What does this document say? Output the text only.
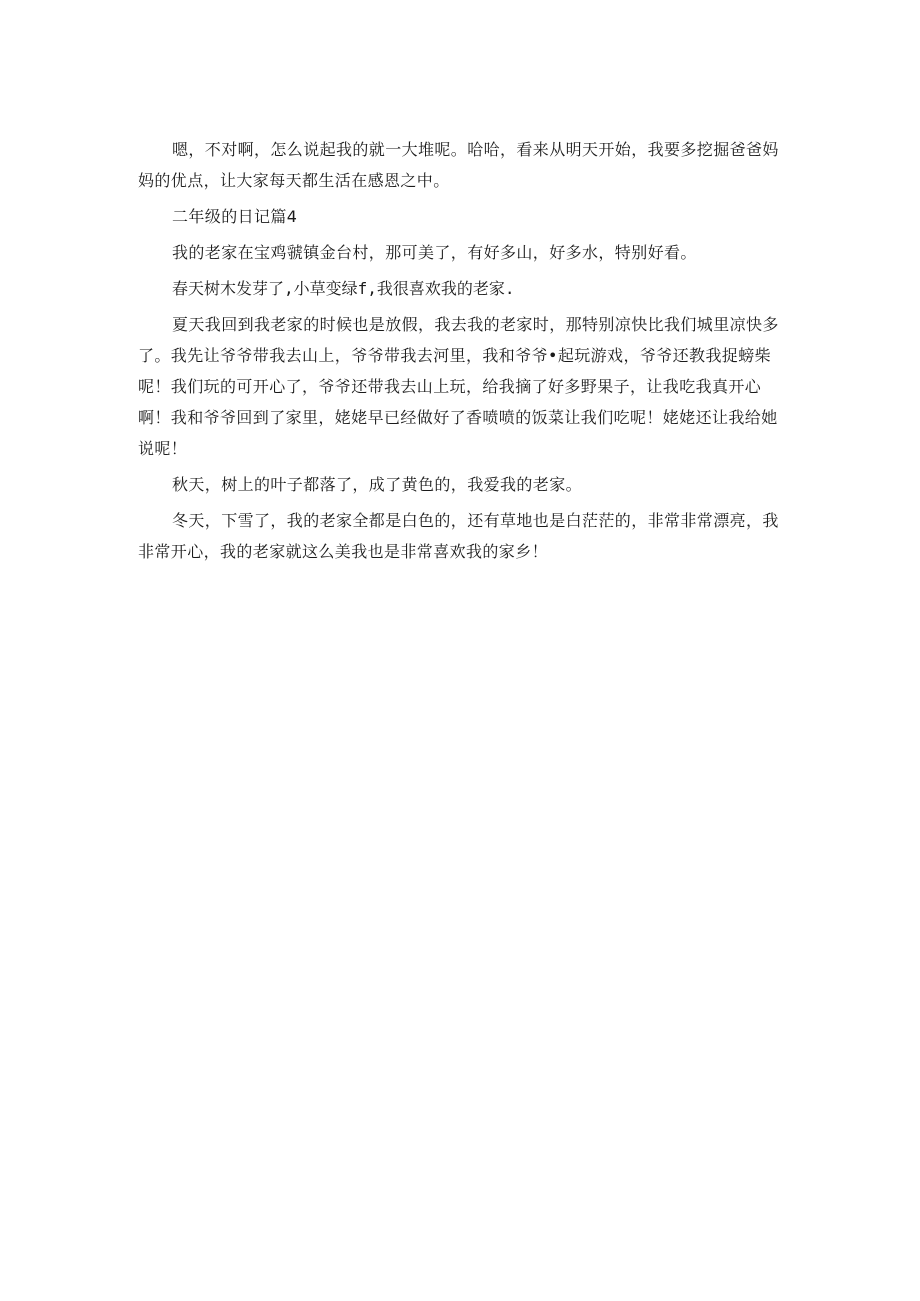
嗯，不对啊，怎么说起我的就一大堆呢。哈哈，看来从明天开始，我要多挖掘爸爸妈妈的优点，让大家每天都生活在感恩之中。

二年级的日记篇4

我的老家在宝鸡虢镇金台村，那可美了，有好多山，好多水，特别好看。

春天树木发芽了,小草变绿f,我很喜欢我的老家.

夏天我回到我老家的时候也是放假，我去我的老家时，那特别凉快比我们城里凉快多了。我先让爷爷带我去山上，爷爷带我去河里，我和爷爷•起玩游戏，爷爷还教我捉螃柴呢！我们玩的可开心了，爷爷还带我去山上玩，给我摘了好多野果子，让我吃我真开心啊！我和爷爷回到了家里，姥姥早已经做好了香喷喷的饭菜让我们吃呢！姥姥还让我给她说呢！

秋天，树上的叶子都落了，成了黄色的，我爱我的老家。

冬天，下雪了，我的老家全都是白色的，还有草地也是白茫茫的，非常非常漂亮，我非常开心，我的老家就这么美我也是非常喜欢我的家乡！
